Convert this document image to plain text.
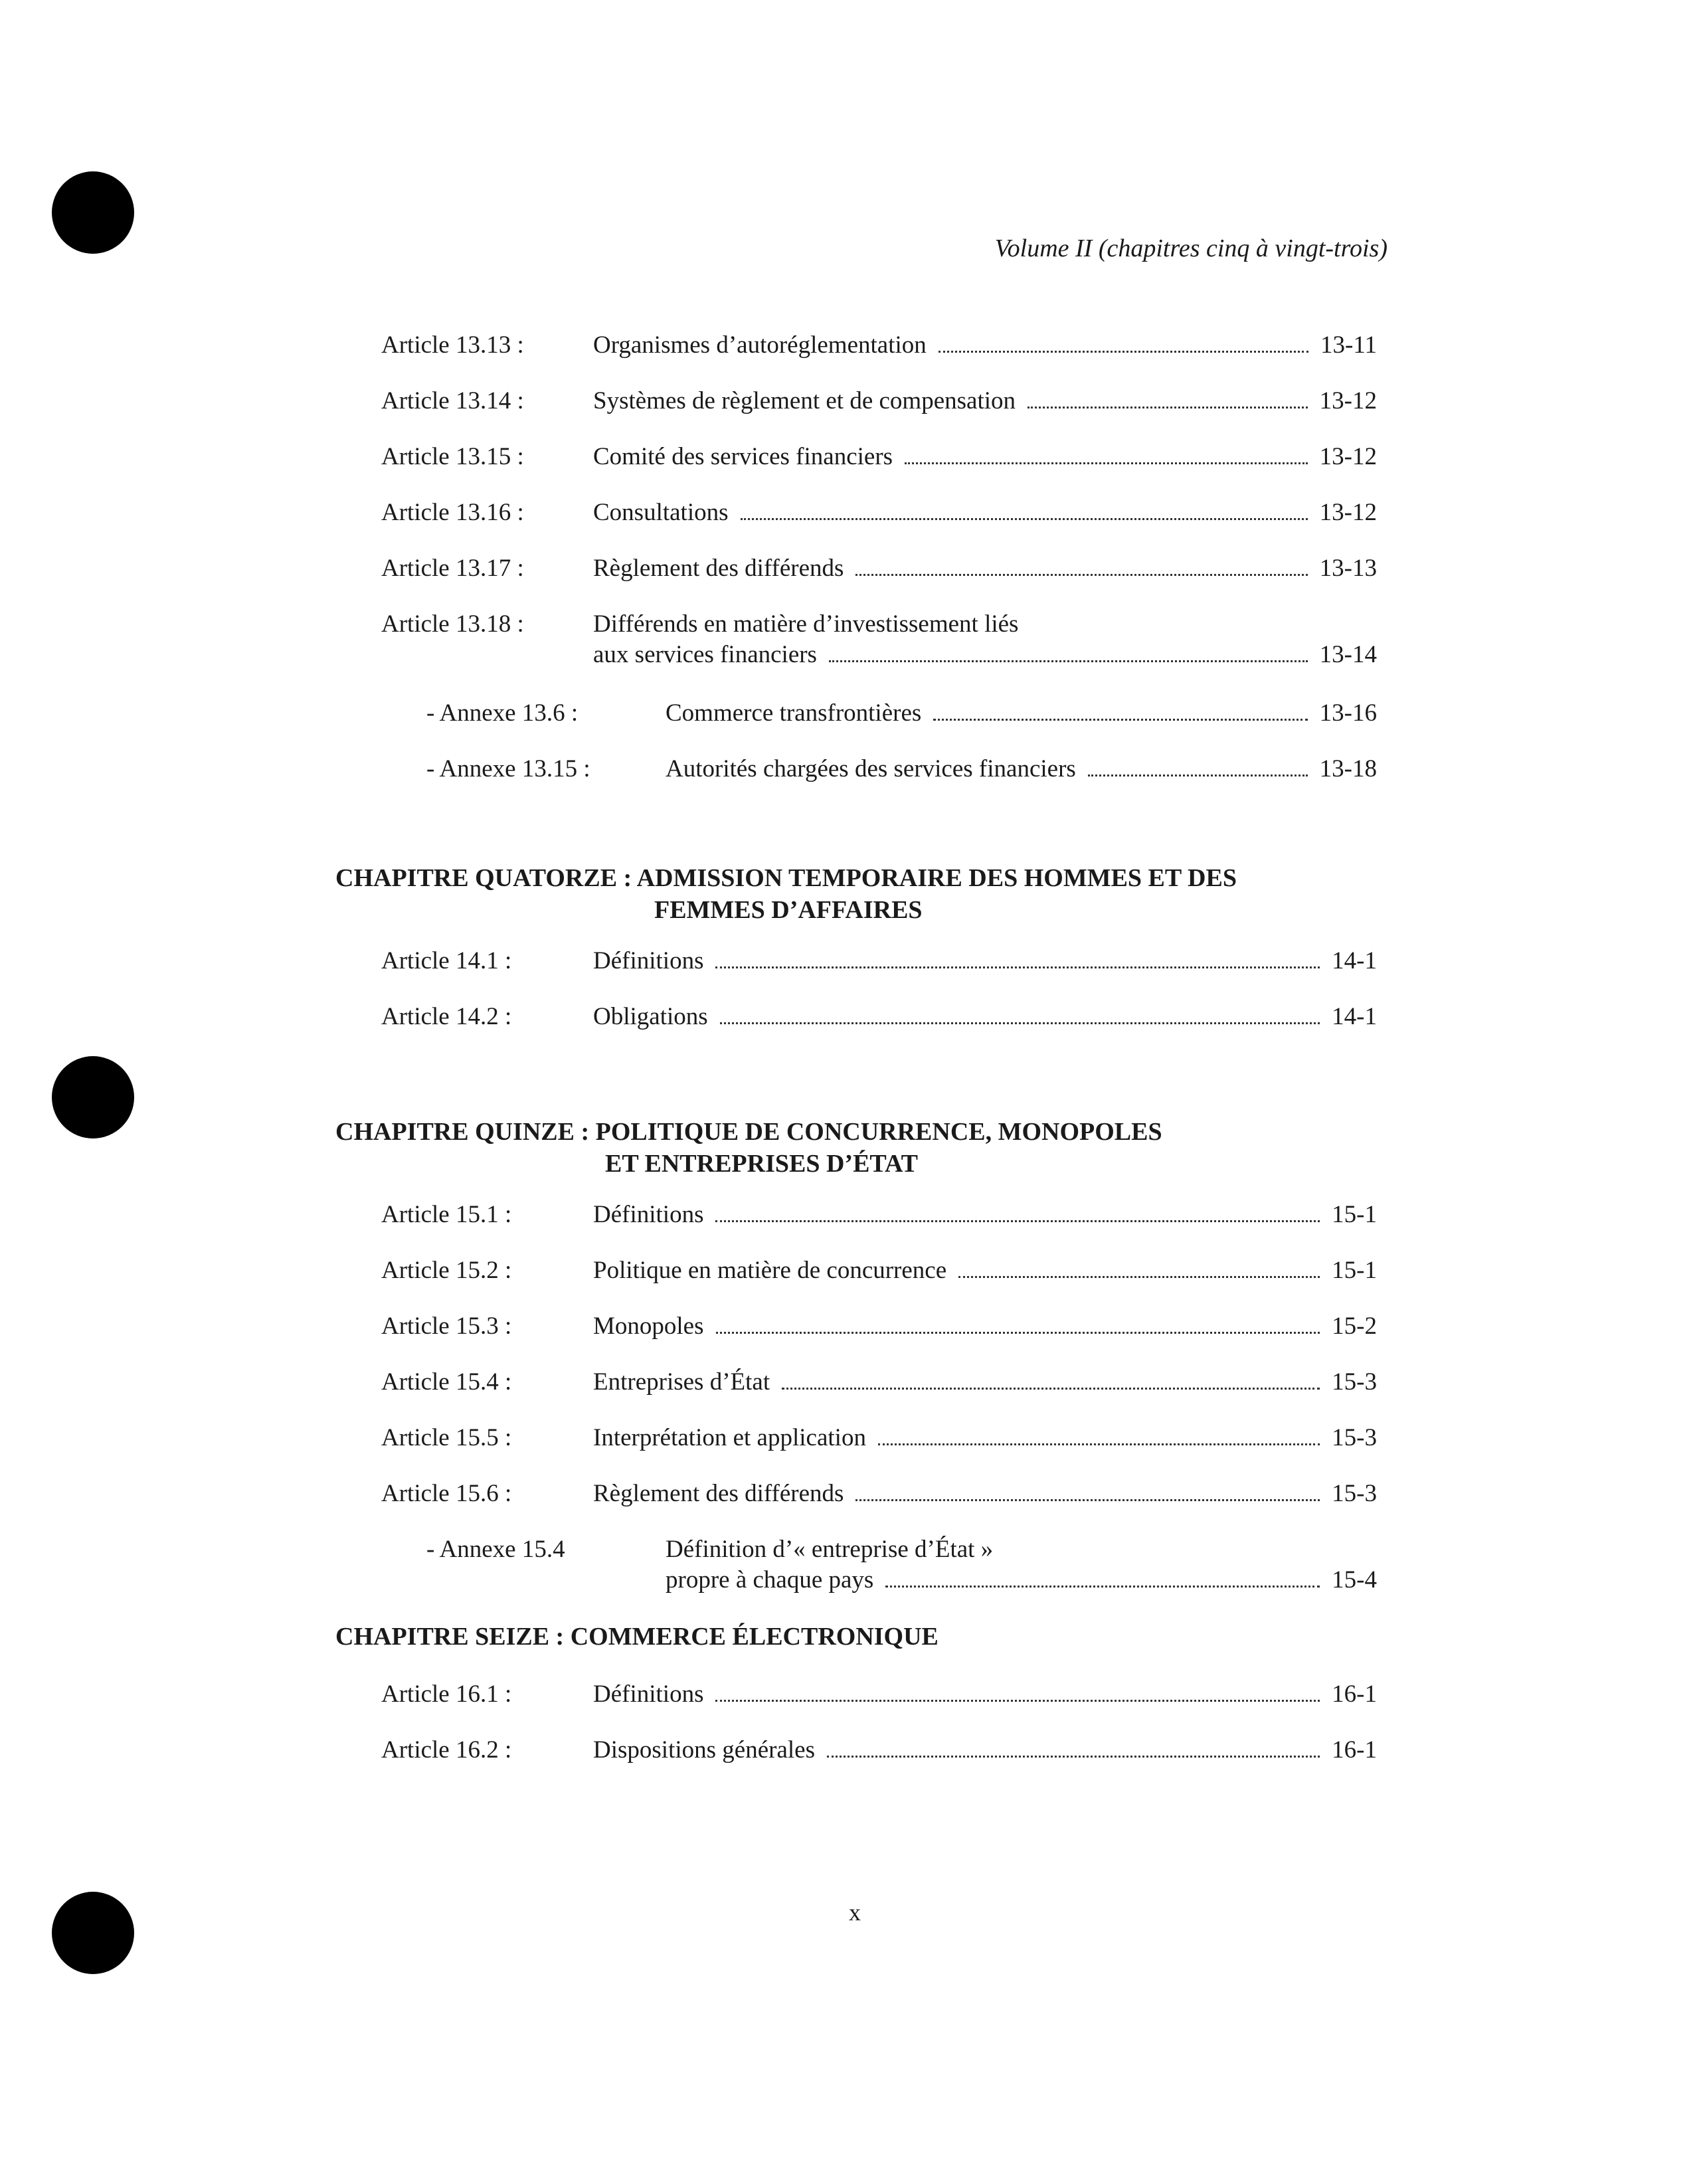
Volume II (chapitres cinq à vingt-trois)
Article 13.13 :	Organismes d’autoréglementation	13-11
Article 13.14 :	Systèmes de règlement et de compensation	13-12
Article 13.15 :	Comité des services financiers	13-12
Article 13.16 :	Consultations	13-12
Article 13.17 :	Règlement des différends	13-13
Article 13.18 :	Différends en matière d’investissement liés
aux services financiers	13-14
- Annexe 13.6 :	Commerce transfrontières	13-16
- Annexe 13.15 :	Autorités chargées des services financiers	13-18
CHAPITRE QUATORZE : ADMISSION TEMPORAIRE DES HOMMES ET DES
FEMMES D’AFFAIRES
Article 14.1 :	Définitions	14-1
Article 14.2 :	Obligations	14-1
CHAPITRE QUINZE : POLITIQUE DE CONCURRENCE, MONOPOLES
ET ENTREPRISES D’ÉTAT
Article 15.1 :	Définitions	15-1
Article 15.2 :	Politique en matière de concurrence	15-1
Article 15.3 :	Monopoles	15-2
Article 15.4 :	Entreprises d’État	15-3
Article 15.5 :	Interprétation et application	15-3
Article 15.6 :	Règlement des différends	15-3
- Annexe 15.4	Définition d’« entreprise d’État »
propre à chaque pays	15-4
CHAPITRE SEIZE : COMMERCE ÉLECTRONIQUE
Article 16.1 :	Définitions	16-1
Article 16.2 :	Dispositions générales	16-1
x
